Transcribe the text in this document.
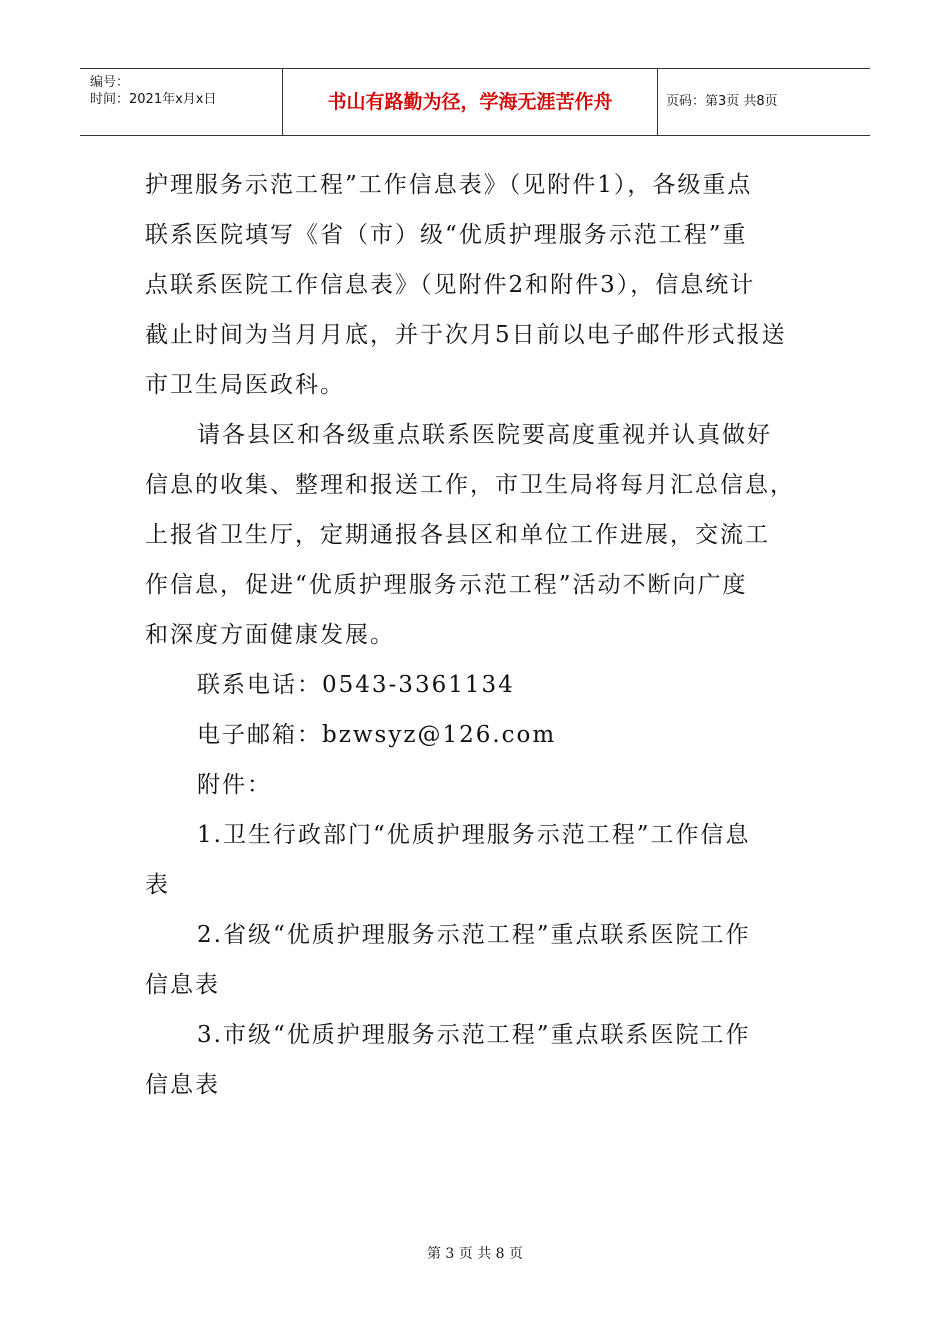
编号：
时间：2021年x月x日	书山有路勤为径，学海无涯苦作舟	页码：第3页 共8页
护理服务示范工程”工作信息表》（见附件1），各级重点
联系医院填写《省（市）级“优质护理服务示范工程”重
点联系医院工作信息表》（见附件2和附件3），信息统计
截止时间为当月月底，并于次月5日前以电子邮件形式报送
市卫生局医政科。
请各县区和各级重点联系医院要高度重视并认真做好
信息的收集、整理和报送工作，市卫生局将每月汇总信息，
上报省卫生厅，定期通报各县区和单位工作进展，交流工
作信息，促进“优质护理服务示范工程”活动不断向广度
和深度方面健康发展。
联系电话：0543-3361134
电子邮箱：bzwsyz@126.com
附件：
1.卫生行政部门“优质护理服务示范工程”工作信息
表
2.省级“优质护理服务示范工程”重点联系医院工作
信息表
3.市级“优质护理服务示范工程”重点联系医院工作
信息表
第 3 页 共 8 页
